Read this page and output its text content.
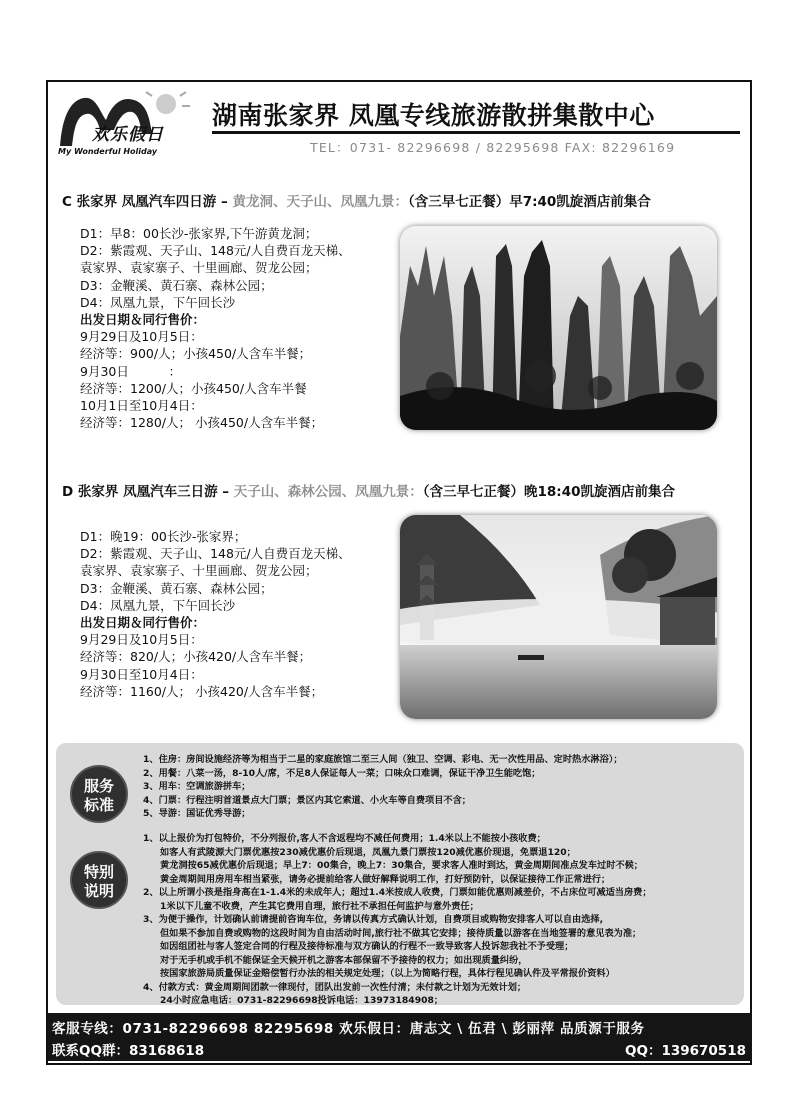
欢乐假日
My Wonderful Holiday
湖南张家界 凤凰专线旅游散拼集散中心
TEL：0731- 82296698 / 82295698 FAX: 82296169
C 张家界 凤凰汽车四日游 – 黄龙洞、天子山、凤凰九景：（含三早七正餐）早7:40凯旋酒店前集合
D1：早8：00长沙-张家界,下午游黄龙洞；
D2：紫霞观、天子山、148元/人自费百龙天梯、
袁家界、袁家寨子、十里画廊、贺龙公园；
D3：金鞭溪、黄石寨、森林公园；
D4：凤凰九景，下午回长沙
出发日期＆同行售价：
9月29日及10月5日：
经济等：900/人；小孩450/人含车半餐；
9月30日          ：
经济等：1200/人；小孩450/人含车半餐
10月1日至10月4日：
经济等：1280/人； 小孩450/人含车半餐；
D 张家界 凤凰汽车三日游 – 天子山、森林公园、凤凰九景：（含三早七正餐）晚18:40凯旋酒店前集合
D1：晚19：00长沙-张家界；
D2：紫霞观、天子山、148元/人自费百龙天梯、
袁家界、袁家寨子、十里画廊、贺龙公园；
D3：金鞭溪、黄石寨、森林公园；
D4：凤凰九景，下午回长沙
出发日期＆同行售价：
9月29日及10月5日：
经济等：820/人；小孩420/人含车半餐；
9月30日至10月4日：
经济等：1160/人； 小孩420/人含车半餐；
服务
标准
特别
说明
1、住房：房间设施经济等为相当于二星的家庭旅馆二至三人间（独卫、空调、彩电、无一次性用品、定时热水淋浴）；
2、用餐：八菜一汤，8-10人/席，不足8人保证每人一菜；口味众口难调，保证干净卫生能吃饱；
3、用车：空调旅游拼车；
4、门票：行程注明首道景点大门票；景区内其它索道、小火车等自费项目不含；
5、导游：国证优秀导游；
1、以上报价为打包特价，不分列报价,客人不含返程均不减任何费用；1.4米以上不能按小孩收费；
如客人有武陵源大门票优惠按230减优惠价后现退，凤凰九景门票按120减优惠价现退，免票退120；
黄龙洞按65减优惠价后现退；早上7：00集合，晚上7：30集合，要求客人准时到达，黄金周期间准点发车过时不候；
黄金周期间用房用车相当紧张，请务必提前给客人做好解释说明工作，打好预防针，以保证接待工作正常进行；
2、以上所谓小孩是指身高在1-1.4米的未成年人；超过1.4米按成人收费，门票如能优惠则减差价，不占床位可减适当房费；
1米以下儿童不收费，产生其它费用自理，旅行社不承担任何监护与意外责任；
3、为便于操作，计划确认前请提前咨询车位，务请以传真方式确认计划，自费项目或购物安排客人可以自由选择,
但如果不参加自费或购物的这段时间为自由活动时间,旅行社不做其它安排；接待质量以游客在当地签署的意见表为准；
如因组团社与客人签定合同的行程及接待标准与双方确认的行程不一致导致客人投诉恕我社不予受理；
对于无手机或手机不能保证全天候开机之游客本部保留不予接待的权力；如出现质量纠纷，
按国家旅游局质量保证金赔偿暂行办法的相关规定处理；（以上为简略行程，具体行程见确认件及平常报价资料）
4、付款方式：黄金周期间团款一律现付，团队出发前一次性付清；未付款之计划为无效计划；
24小时应急电话：0731-82296698投诉电话：13973184908；
客服专线：0731-82296698 82295698 欢乐假日：唐志文 \ 伍君 \ 彭丽萍 品质源于服务
联系QQ群：83168618	QQ：139670518
